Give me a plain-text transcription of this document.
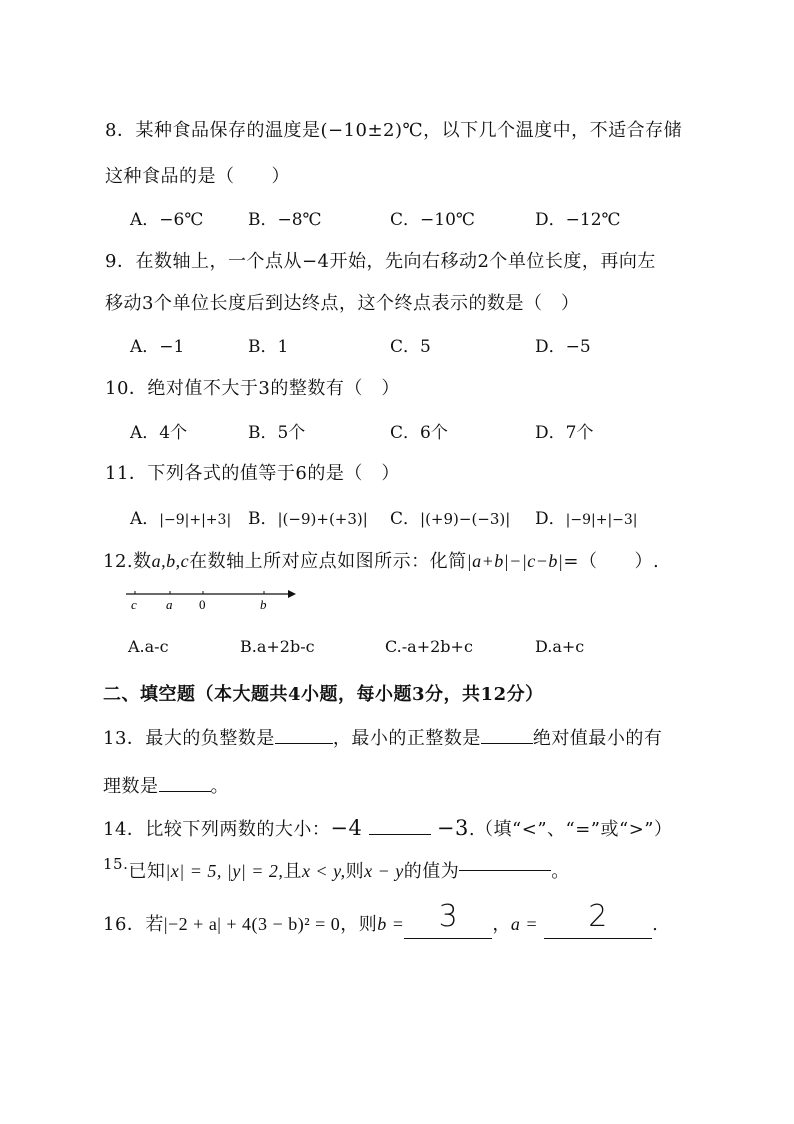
8．某种食品保存的温度是(−10±2)℃，以下几个温度中，不适合存储
这种食品的是（　　）
A．−6℃	B．−8℃	C．−10℃	D．−12℃
9．在数轴上，一个点从−4开始，先向右移动2个单位长度，再向左
移动3个单位长度后到达终点，这个终点表示的数是（　）
A．−1	B．1	C．5	D．−5
10．绝对值不大于3的整数有（　）
A．4个	B．5个	C．6个	D．7个
11．下列各式的值等于6的是（　）
A．|−9|+|+3| B．|(−9)+(+3)| C．|(+9)−(−3)| D．|−9|+|−3|
12.数a,b,c在数轴上所对应点如图所示：化简|a+b|−|c−b|=（　　）.
c a 0	b
A.a-c	B.a+2b-c	C.-a+2b+c	D.a+c
二、填空题（本大题共4小题，每小题3分，共12分）
13．最大的负整数是	，最小的正整数是	绝对值最小的有
理数是	。
14．比较下列两数的大小：−4	−3.（填“<”、“=”或“>”）
$^{15.}$已知|x| = 5, |y| = 2,且x < y,则x − y的值为	。
16．若|−2 + a| + 4(3 − b)² = 0，则b = 3 ，a = 2 .
